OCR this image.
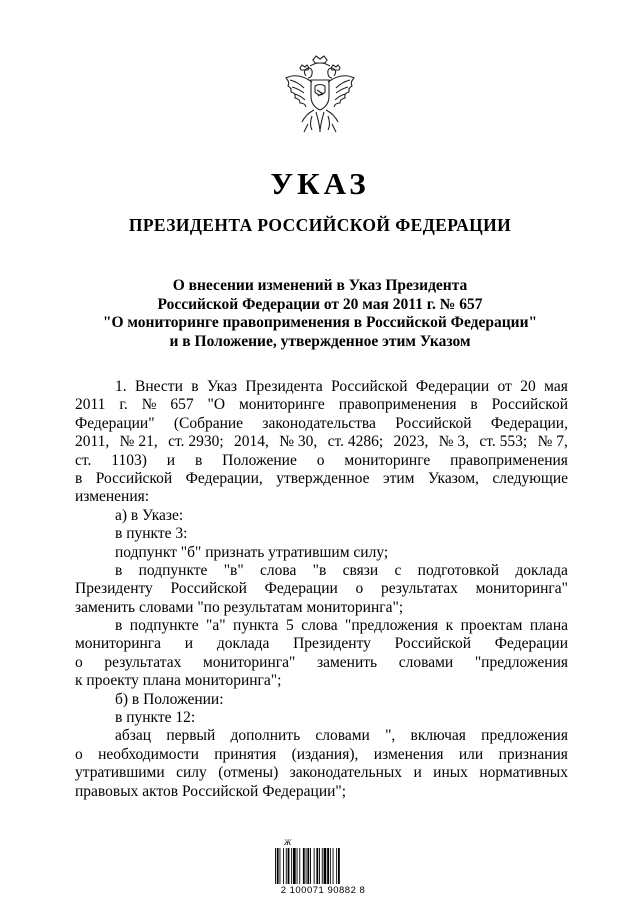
УКАЗ
ПРЕЗИДЕНТА РОССИЙСКОЙ ФЕДЕРАЦИИ
О внесении изменений в Указ Президента
Российской Федерации от 20 мая 2011 г. № 657
"О мониторинге правоприменения в Российской Федерации"
и в Положение, утвержденное этим Указом
1. Внести в Указ Президента Российской Федерации от 20 мая
2011 г. № 657 "О мониторинге правоприменения в Российской
Федерации" (Собрание законодательства Российской Федерации,
2011, № 21, ст. 2930; 2014, № 30, ст. 4286; 2023, № 3, ст. 553; № 7,
ст. 1103) и в Положение о мониторинге правоприменения
в Российской Федерации, утвержденное этим Указом, следующие
изменения:
а) в Указе:
в пункте 3:
подпункт "б" признать утратившим силу;
в подпункте "в" слова "в связи с подготовкой доклада
Президенту Российской Федерации о результатах мониторинга"
заменить словами "по результатам мониторинга";
в подпункте "а" пункта 5 слова "предложения к проектам плана
мониторинга и доклада Президенту Российской Федерации
о результатах мониторинга" заменить словами "предложения
к проекту плана мониторинга";
б) в Положении:
в пункте 12:
абзац первый дополнить словами ", включая предложения
о необходимости принятия (издания), изменения или признания
утратившими силу (отмены) законодательных и иных нормативных
правовых актов Российской Федерации";
Ж
2 100071 90882 8
